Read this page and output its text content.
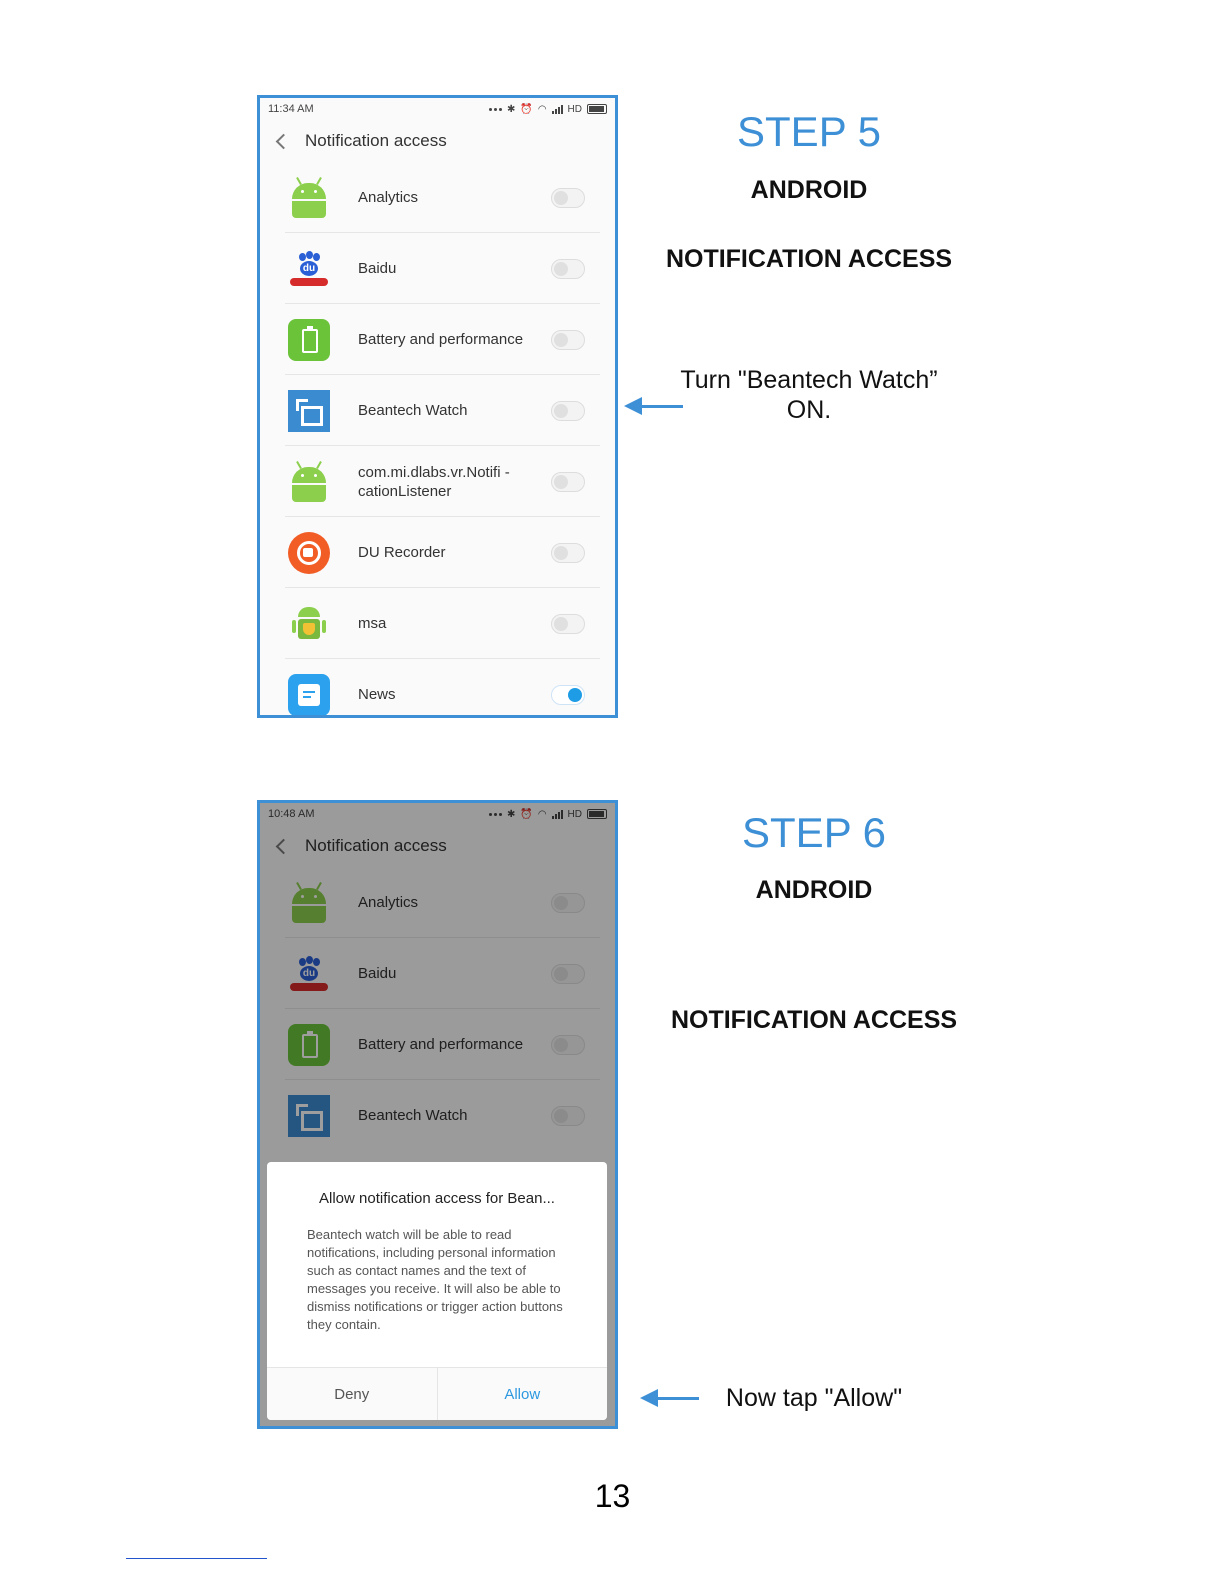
11:34 AM	✱ ⏰ ◠ HD
Notification access
Analytics
du	Baidu
Battery and performance
Beantech Watch
com.mi.dlabs.vr.Notifi - cationListener
DU Recorder
msa
News
STEP 5
ANDROID
NOTIFICATION ACCESS
Turn "Beantech Watch” ON.
10:48 AM	✱ ⏰ ◠ HD
Notification access
Analytics
du	Baidu
Battery and performance
Beantech Watch
Allow notification access for Bean...
Beantech watch will be able to read notifications, including personal information such as contact names and the text of messages you receive. It will also be able to dismiss notifications or trigger action buttons they contain.
Deny	Allow
STEP 6
ANDROID
NOTIFICATION ACCESS
Now tap "Allow"
13
